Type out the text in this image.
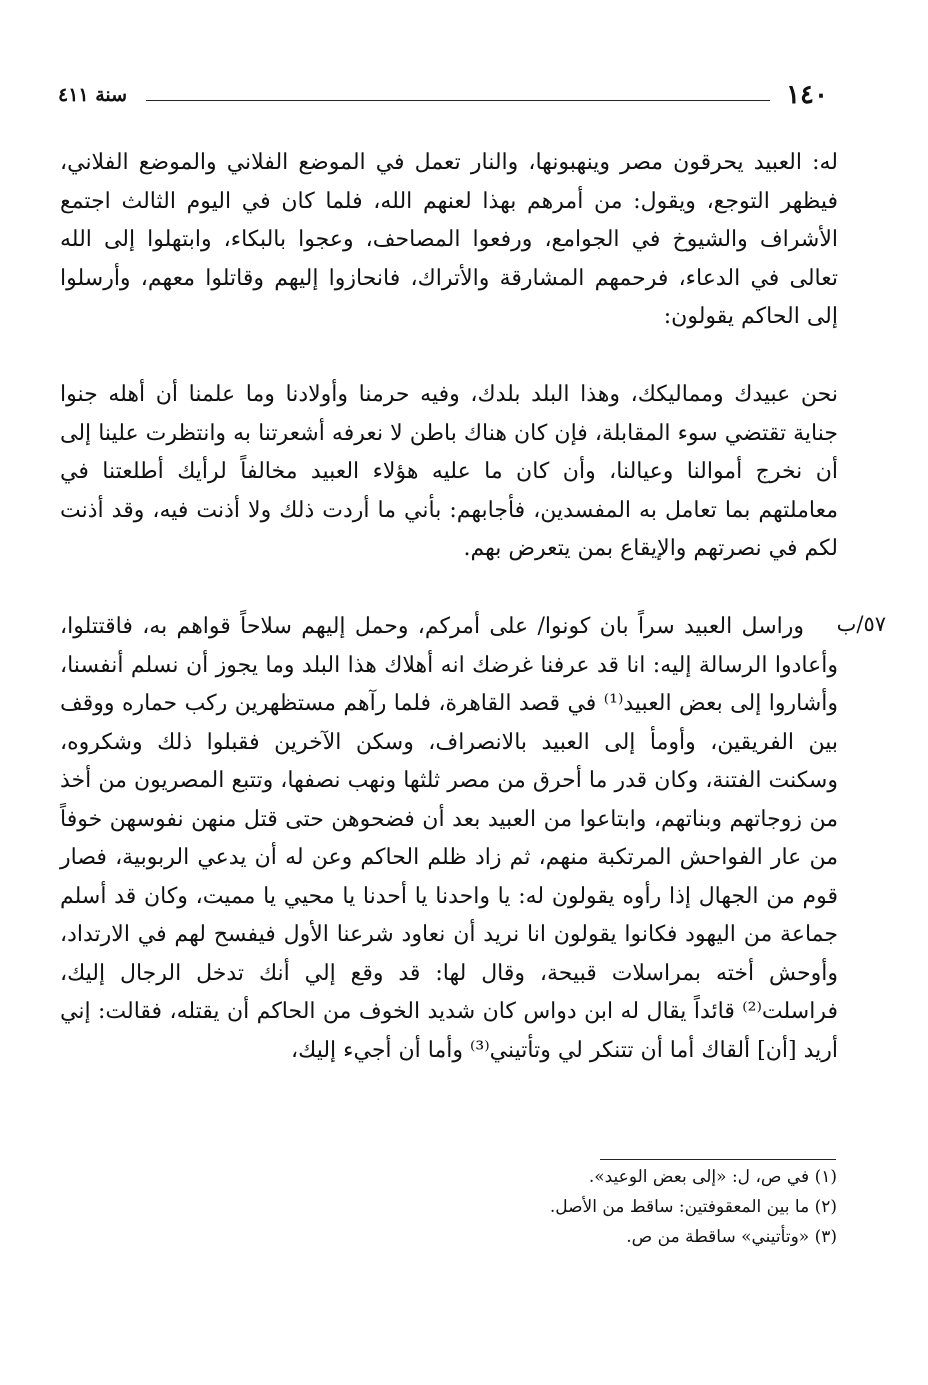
١٤٠
سنة ٤١١

له: العبيد يحرقون مصر وينهبونها، والنار تعمل في الموضع الفلاني والموضع الفلاني، فيظهر التوجع، ويقول: من أمرهم بهذا لعنهم الله، فلما كان في اليوم الثالث اجتمع الأشراف والشيوخ في الجوامع، ورفعوا المصاحف، وعجوا بالبكاء، وابتهلوا إلى الله تعالى في الدعاء، فرحمهم المشارقة والأتراك، فانحازوا إليهم وقاتلوا معهم، وأرسلوا إلى الحاكم يقولون:

نحن عبيدك ومماليكك، وهذا البلد بلدك، وفيه حرمنا وأولادنا وما علمنا أن أهله جنوا جناية تقتضي سوء المقابلة، فإن كان هناك باطن لا نعرفه أشعرتنا به وانتظرت علينا إلى أن نخرج أموالنا وعيالنا، وأن كان ما عليه هؤلاء العبيد مخالفاً لرأيك أطلعتنا في معاملتهم بما تعامل به المفسدين، فأجابهم: بأني ما أردت ذلك ولا أذنت فيه، وقد أذنت لكم في نصرتهم والإيقاع بمن يتعرض بهم.

وراسل العبيد سراً بان كونوا/ على أمركم، وحمل إليهم سلاحاً قواهم به، فاقتتلوا، وأعادوا الرسالة إليه: انا قد عرفنا غرضك انه أهلاك هذا البلد وما يجوز أن نسلم أنفسنا، وأشاروا إلى بعض العبيد⁽¹⁾ في قصد القاهرة، فلما رآهم مستظهرين ركب حماره ووقف بين الفريقين، وأومأ إلى العبيد بالانصراف، وسكن الآخرين فقبلوا ذلك وشكروه، وسكنت الفتنة، وكان قدر ما أحرق من مصر ثلثها ونهب نصفها، وتتبع المصريون من أخذ من زوجاتهم وبناتهم، وابتاعوا من العبيد بعد أن فضحوهن حتى قتل منهن نفوسهن خوفاً من عار الفواحش المرتكبة منهم، ثم زاد ظلم الحاكم وعن له أن يدعي الربوبية، فصار قوم من الجهال إذا رأوه يقولون له: يا واحدنا يا أحدنا يا محيي يا مميت، وكان قد أسلم جماعة من اليهود فكانوا يقولون انا نريد أن نعاود شرعنا الأول فيفسح لهم في الارتداد، وأوحش أخته بمراسلات قبيحة، وقال لها: قد وقع إلي أنك تدخل الرجال إليك، فراسلت⁽²⁾ قائداً يقال له ابن دواس كان شديد الخوف من الحاكم أن يقتله، فقالت: إني أريد [أن] ألقاك أما أن تتنكر لي وتأتيني⁽³⁾ وأما أن أجيء إليك،

٥٧/ب

(١) في ص، ل: «إلى بعض الوعيد».

(٢) ما بين المعقوفتين: ساقط من الأصل.

(٣) «وتأتيني» ساقطة من ص.
